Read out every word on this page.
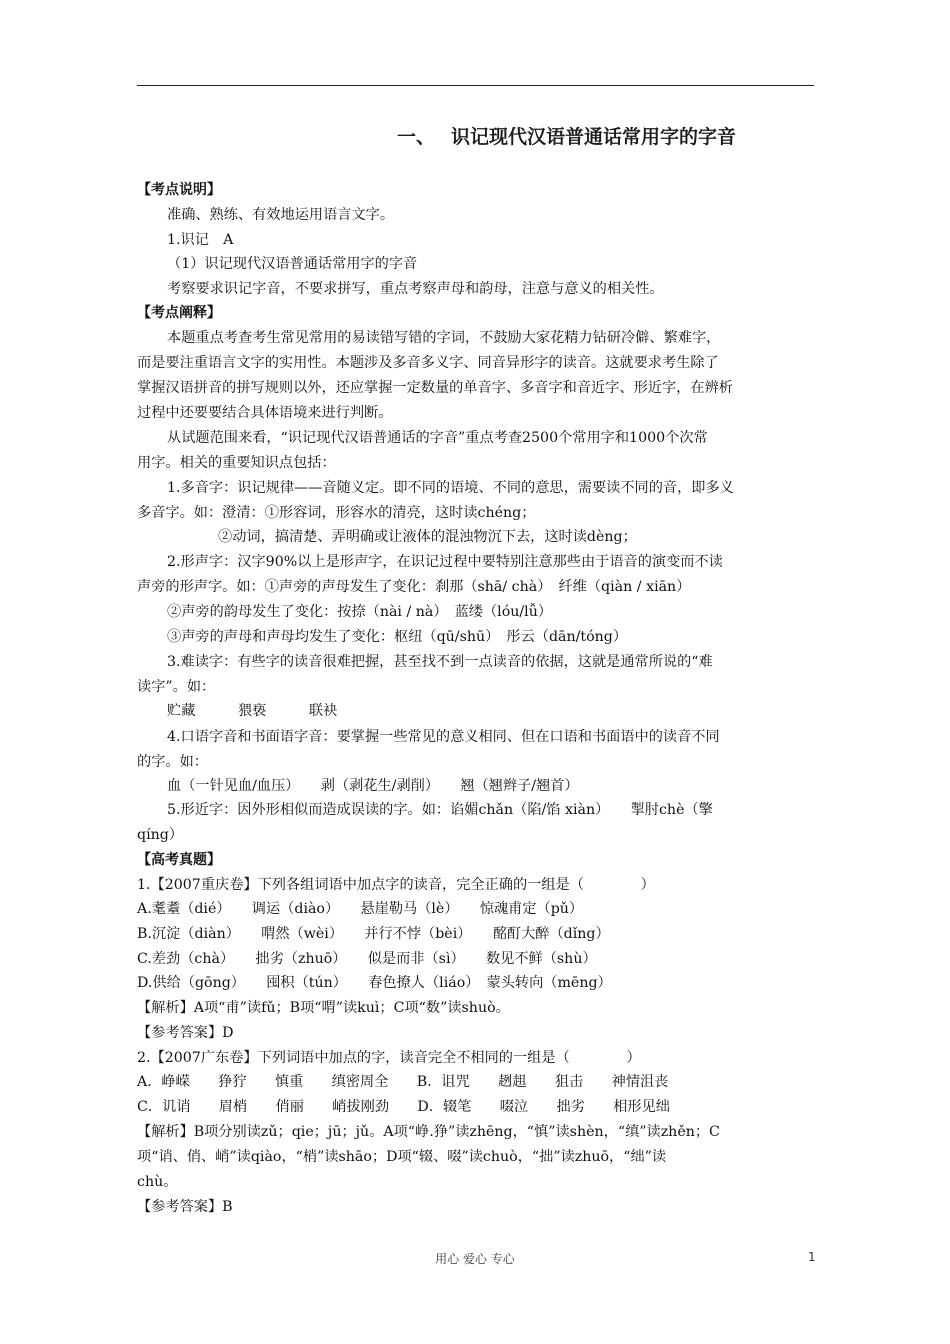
一、 识记现代汉语普通话常用字的字音
【考点说明】
准确、熟练、有效地运用语言文字。
1.识记　A
（1）识记现代汉语普通话常用字的字音
考察要求识记字音，不要求拼写，重点考察声母和韵母，注意与意义的相关性。
【考点阐释】
本题重点考查考生常见常用的易读错写错的字词，不鼓励大家花精力钻研冷僻、繁难字，
而是要注重语言文字的实用性。本题涉及多音多义字、同音异形字的读音。这就要求考生除了
掌握汉语拼音的拼写规则以外，还应掌握一定数量的单音字、多音字和音近字、形近字，在辨析
过程中还要要结合具体语境来进行判断。
从试题范围来看，“识记现代汉语普通话的字音”重点考查2500个常用字和1000个次常
用字。相关的重要知识点包括：
1.多音字：识记规律——音随义定。即不同的语境、不同的意思，需要读不同的音，即多义
多音字。如：澄清：①形容词，形容水的清亮，这时读chéng；
②动词，搞清楚、弄明确或让液体的混浊物沉下去，这时读dèng；
2.形声字：汉字90%以上是形声字，在识记过程中要特别注意那些由于语音的演变而不读
声旁的形声字。如：①声旁的声母发生了变化：刹那（shā/ chà）　纤维（qiàn / xiān）
②声旁的韵母发生了变化：按捺（nài / nà）　蓝缕（lóu/lǚ）
③声旁的声母和声母均发生了变化：枢纽（qū/shū）　彤云（dān/tóng）
3.难读字：有些字的读音很难把握，甚至找不到一点读音的依据，这就是通常所说的“难
读字”。如：
贮藏　　　猥亵　　　联袂
4.口语字音和书面语字音：要掌握一些常见的意义相同、但在口语和书面语中的读音不同
的字。如：
血（一针见血/血压）　　剥（剥花生/剥削）　　翘（翘辫子/翘首）
5.形近字：因外形相似而造成误读的字。如：谄媚chǎn（陷/馅 xiàn）　　掣肘chè（擎
qíng）
【高考真题】
1.【2007重庆卷】下列各组词语中加点字的读音，完全正确的一组是（　　　　）
A.耄耋（dié）　　调运（diào）　　悬崖勒马（lè）　　惊魂甫定（pǔ）
B.沉淀（diàn）　　喟然（wèi）　　并行不悖（bèi）　　酩酊大醉（dǐng）
C.差劲（chà）　　拙劣（zhuō）　　似是而非（sì）　　数见不鲜（shù）
D.供给（gōng）　　囤积（tún）　　春色撩人（liáo）　蒙头转向（mēng）
【解析】A项“甫”读fǔ；B项“喟”读kuì；C项“数”读shuò。
【参考答案】D
2.【2007广东卷】下列词语中加点的字，读音完全不相同的一组是（　　　　）
A．峥嵘　　狰狞　　慎重　　缜密周全　　B．诅咒　　趔趄　　狙击　　神情沮丧
C．讥诮　　眉梢　　俏丽　　峭拔刚劲　　D．辍笔　　啜泣　　拙劣　　相形见绌
【解析】B项分别读zǔ；qie；jū；jǔ。A项“峥.狰”读zhēng，“慎”读shèn，“缜”读zhěn；C
项“诮、俏、峭”读qiào，“梢”读shāo；D项“辍、啜”读chuò，“拙”读zhuō，“绌”读
chù。
【参考答案】B
用心 爱心 专心	1
